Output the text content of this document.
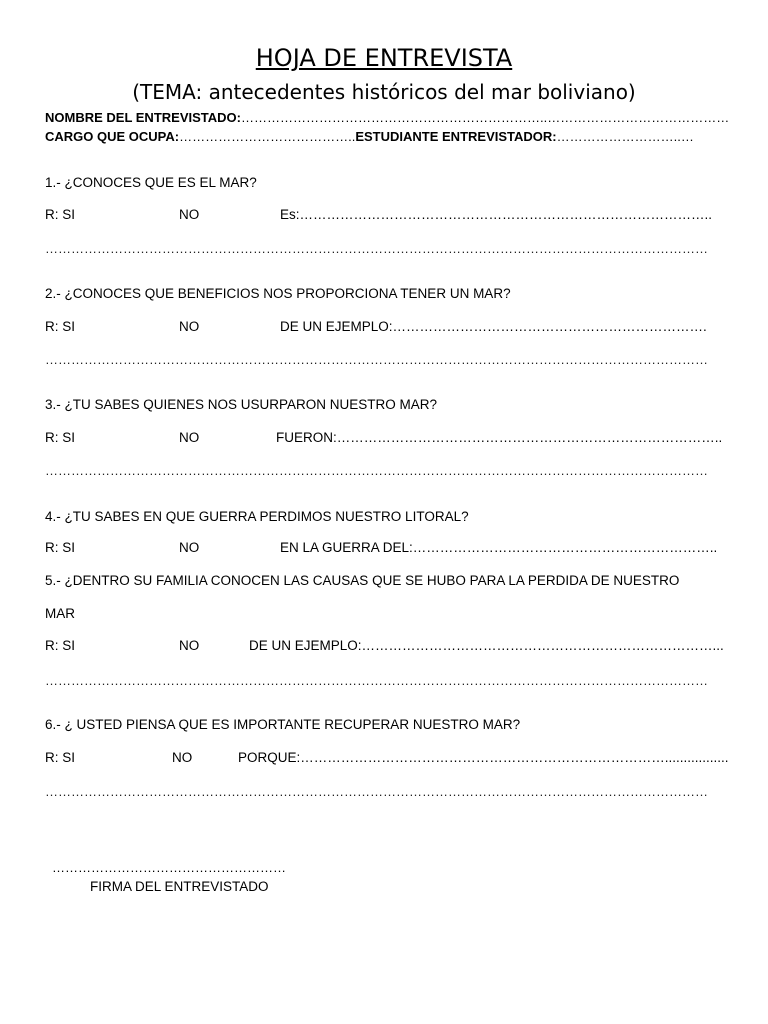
HOJA DE ENTREVISTA
(TEMA: antecedentes históricos del mar boliviano)
NOMBRE DEL ENTREVISTADO:……………………………………………………………..……………………………………
CARGO QUE OCUPA:…………………………………..ESTUDIANTE ENTREVISTADOR:………………………..…
1.- ¿CONOCES QUE ES EL MAR?
R: SI	NO	Es:………………………………………………………………………………..
………………………………………………………………………………………………………………………………………
2.- ¿CONOCES QUE BENEFICIOS NOS PROPORCIONA TENER UN MAR?
R: SI	NO	DE UN EJEMPLO:…………………………………………………………….
………………………………………………………………………………………………………………………………………
3.- ¿TU SABES QUIENES NOS USURPARON NUESTRO MAR?
R: SI	NO	FUERON:…………………………………………………………………………..
………………………………………………………………………………………………………………………………………
4.- ¿TU SABES EN QUE GUERRA PERDIMOS NUESTRO LITORAL?
R: SI	NO	EN LA GUERRA DEL:…………………………………………………………..
5.- ¿DENTRO SU FAMILIA CONOCEN LAS CAUSAS QUE SE HUBO PARA LA PERDIDA DE NUESTRO
MAR
R: SI	NO	DE UN EJEMPLO:……………………………………………………………………...
………………………………………………………………………………………………………………………………………
6.- ¿ USTED PIENSA QUE ES IMPORTANTE RECUPERAR NUESTRO MAR?
R: SI	NO	PORQUE:……………………………………………………………………….................
………………………………………………………………………………………………………………………………………
………………………………………………
FIRMA DEL ENTREVISTADO
